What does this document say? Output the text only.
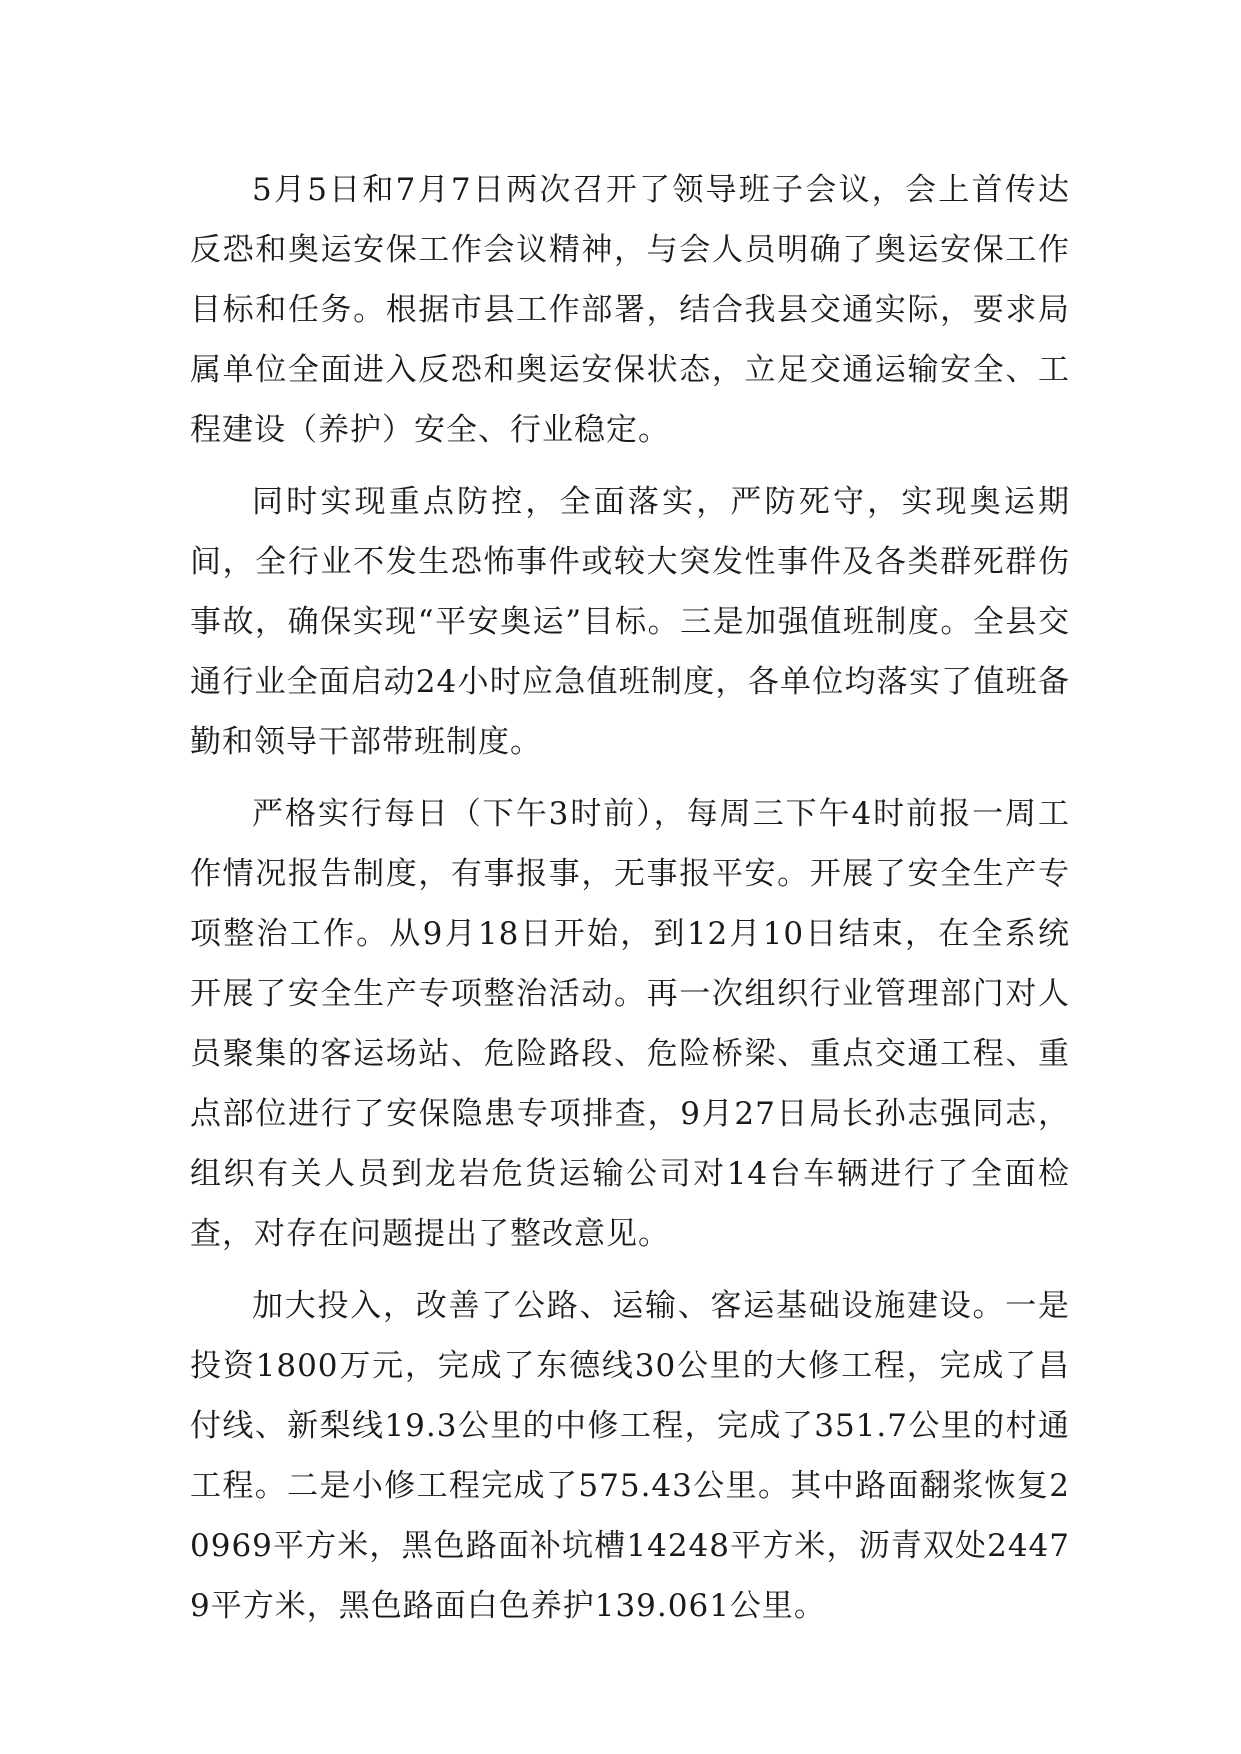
5月5日和7月7日两次召开了领导班子会议，会上首传达反恐和奥运安保工作会议精神，与会人员明确了奥运安保工作目标和任务。根据市县工作部署，结合我县交通实际，要求局属单位全面进入反恐和奥运安保状态，立足交通运输安全、工程建设（养护）安全、行业稳定。

同时实现重点防控，全面落实，严防死守，实现奥运期间，全行业不发生恐怖事件或较大突发性事件及各类群死群伤事故，确保实现“平安奥运”目标。三是加强值班制度。全县交通行业全面启动24小时应急值班制度，各单位均落实了值班备勤和领导干部带班制度。

严格实行每日（下午3时前），每周三下午4时前报一周工作情况报告制度，有事报事，无事报平安。开展了安全生产专项整治工作。从9月18日开始，到12月10日结束，在全系统开展了安全生产专项整治活动。再一次组织行业管理部门对人员聚集的客运场站、危险路段、危险桥梁、重点交通工程、重点部位进行了安保隐患专项排查，9月27日局长孙志强同志，组织有关人员到龙岩危货运输公司对14台车辆进行了全面检查，对存在问题提出了整改意见。

加大投入，改善了公路、运输、客运基础设施建设。一是投资1800万元，完成了东德线30公里的大修工程，完成了昌付线、新梨线19.3公里的中修工程，完成了351.7公里的村通工程。二是小修工程完成了575.43公里。其中路面翻浆恢复20969平方米，黑色路面补坑槽14248平方米，沥青双处24479平方米，黑色路面白色养护139.061公里。
